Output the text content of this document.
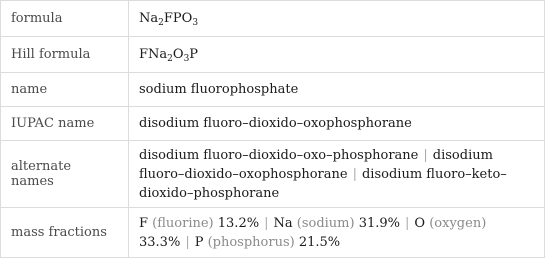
formula	$Na_2FPO_3$
Hill formula	$FNa_2O_3P$
name	sodium fluorophosphate
IUPAC name	disodium fluoro–dioxido–oxophosphorane
alternate names	disodium fluoro–dioxido–oxo–phosphorane | disodium fluoro–dioxido–oxophosphorane | disodium fluoro–keto–dioxido–phosphorane
mass fractions	F (fluorine) 13.2% | Na (sodium) 31.9% | O (oxygen) 33.3% | P (phosphorus) 21.5%
